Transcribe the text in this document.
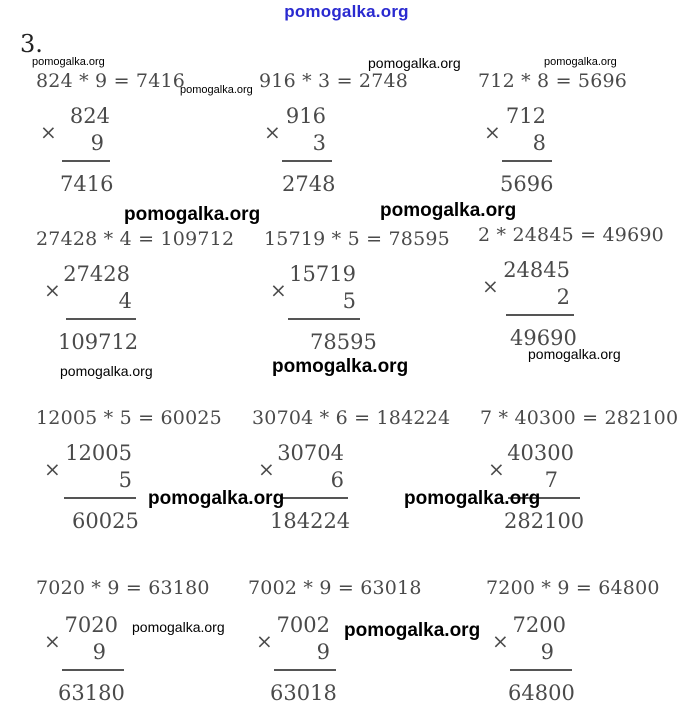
pomogalka.org
3.
824 * 9 = 7416	916 * 3 = 2748	712 * 8 = 5696
×
824
9
7416
×
916
3
2748
×
712
8
5696
27428 * 4 = 109712 15719 * 5 = 78595 2 * 24845 = 49690
×
27428
4
109712
×
15719
5
78595
×
24845
2
49690
12005 * 5 = 60025 30704 * 6 = 184224 7 * 40300 = 282100
×
12005
5
60025
×
30704
6
184224
×
40300
7
282100
7020 * 9 = 63180 7002 * 9 = 63018	7200 * 9 = 64800
×
7020
9
63180
×
7002
9
63018
×
7200
9
64800
pomogalka.org
pomogalka.org
pomogalka.org	pomogalka.org
pomogalka.org	pomogalka.org
pomogalka.org
pomogalka.org	pomogalka.org
pomogalka.org	pomogalka.org
pomogalka.org	pomogalka.org
